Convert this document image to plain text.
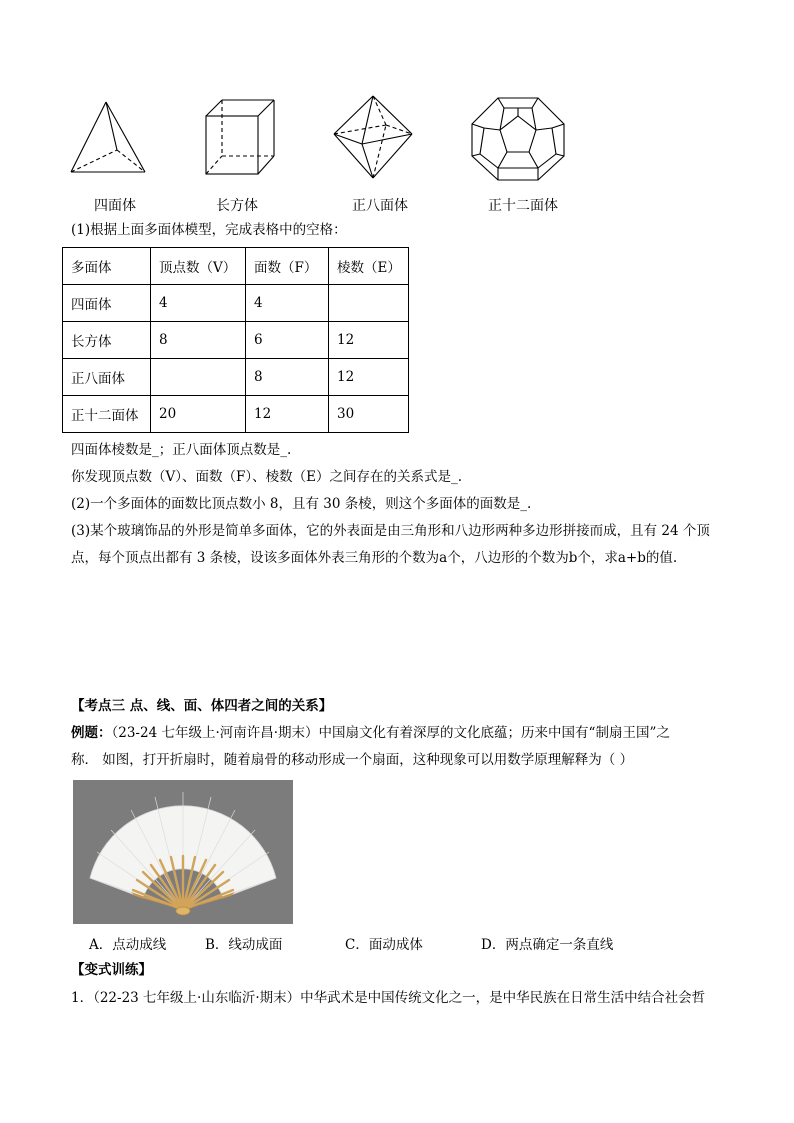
四面体	长方体	正八面体	正十二面体
(1)根据上面多面体模型，完成表格中的空格：
多面体	顶点数（V）	面数（F）	棱数（E）
四面体	4	4	
长方体	8	6	12
正八面体		8	12
正十二面体	20	12	30
四面体棱数是_；正八面体顶点数是_.
你发现顶点数（V）、面数（F）、棱数（E）之间存在的关系式是_.
(2)一个多面体的面数比顶点数小 8，且有 30 条棱，则这个多面体的面数是_.
(3)某个玻璃饰品的外形是简单多面体，它的外表面是由三角形和八边形两种多边形拼接而成，且有 24 个顶
点，每个顶点出都有 3 条棱，设该多面体外表三角形的个数为a个，八边形的个数为b个，求a+b的值.
【考点三 点、线、面、体四者之间的关系】
例题：（23-24 七年级上·河南许昌·期末）中国扇文化有着深厚的文化底蕴；历来中国有“制扇王国”之
称． 如图，打开折扇时，随着扇骨的移动形成一个扇面，这种现象可以用数学原理解释为（ ）
A．点动成线	B．线动成面	C．面动成体	D．两点确定一条直线
【变式训练】
1．（22-23 七年级上·山东临沂·期末）中华武术是中国传统文化之一，是中华民族在日常生活中结合社会哲
